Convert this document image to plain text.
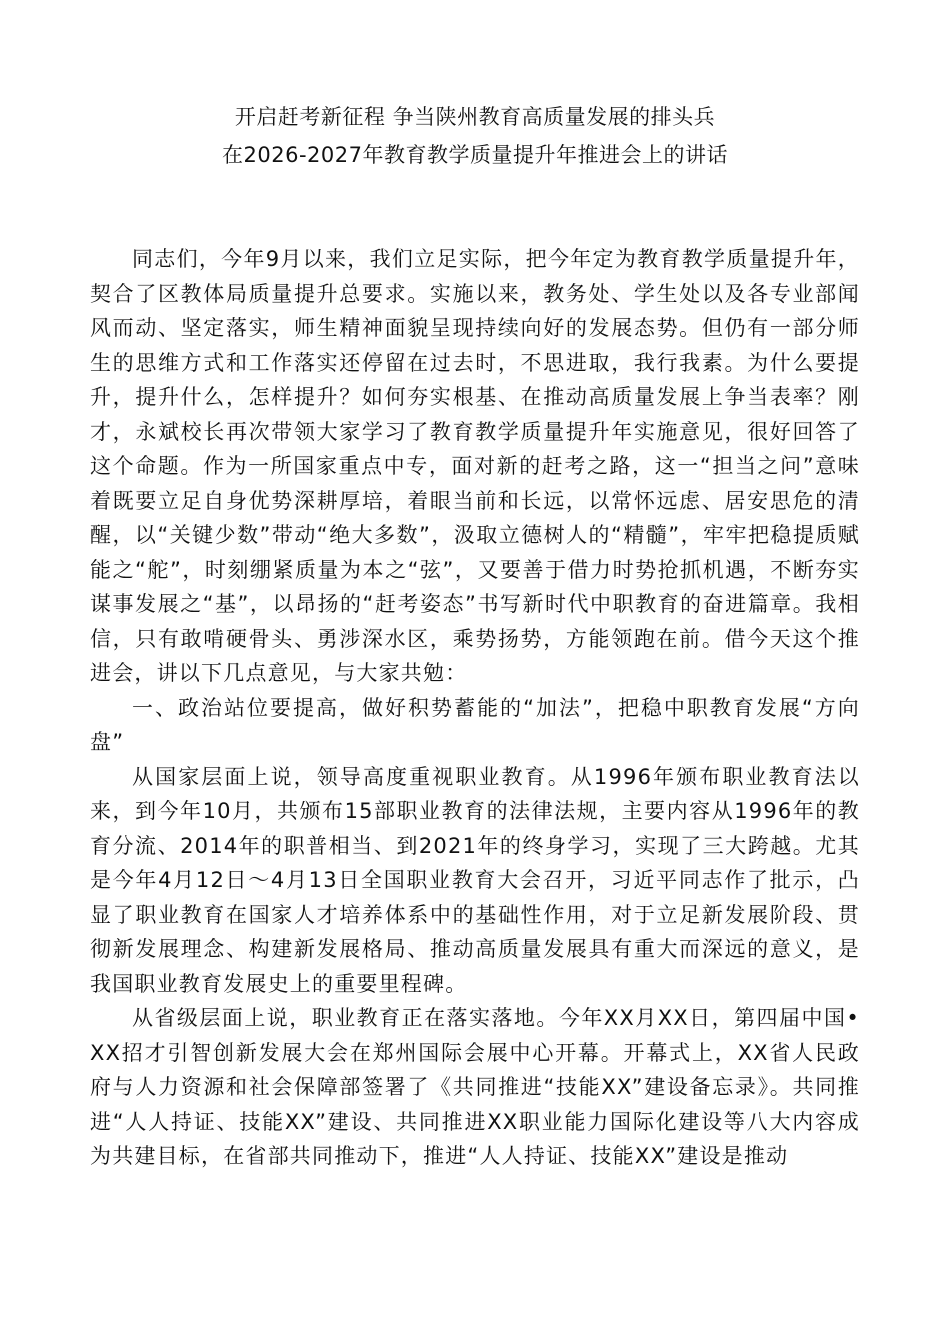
开启赶考新征程 争当陕州教育高质量发展的排头兵
在2026-2027年教育教学质量提升年推进会上的讲话

同志们，今年9月以来，我们立足实际，把今年定为教育教学质量提升年，契合了区教体局质量提升总要求。实施以来，教务处、学生处以及各专业部闻风而动、坚定落实，师生精神面貌呈现持续向好的发展态势。但仍有一部分师生的思维方式和工作落实还停留在过去时，不思进取，我行我素。为什么要提升，提升什么，怎样提升？如何夯实根基、在推动高质量发展上争当表率？刚才，永斌校长再次带领大家学习了教育教学质量提升年实施意见，很好回答了这个命题。作为一所国家重点中专，面对新的赶考之路，这一“担当之问”意味着既要立足自身优势深耕厚培，着眼当前和长远，以常怀远虑、居安思危的清醒，以“关键少数”带动“绝大多数”，汲取立德树人的“精髓”，牢牢把稳提质赋能之“舵”，时刻绷紧质量为本之“弦”，又要善于借力时势抢抓机遇，不断夯实谋事发展之“基”，以昂扬的“赶考姿态”书写新时代中职教育的奋进篇章。我相信，只有敢啃硬骨头、勇涉深水区，乘势扬势，方能领跑在前。借今天这个推进会，讲以下几点意见，与大家共勉：

一、政治站位要提高，做好积势蓄能的“加法”，把稳中职教育发展“方向盘”

从国家层面上说，领导高度重视职业教育。从1996年颁布职业教育法以来，到今年10月，共颁布15部职业教育的法律法规，主要内容从1996年的教育分流、2014年的职普相当、到2021年的终身学习，实现了三大跨越。尤其是今年4月12日～4月13日全国职业教育大会召开，习近平同志作了批示，凸显了职业教育在国家人才培养体系中的基础性作用，对于立足新发展阶段、贯彻新发展理念、构建新发展格局、推动高质量发展具有重大而深远的意义，是我国职业教育发展史上的重要里程碑。

从省级层面上说，职业教育正在落实落地。今年XX月XX日，第四届中国•XX招才引智创新发展大会在郑州国际会展中心开幕。开幕式上，XX省人民政府与人力资源和社会保障部签署了《共同推进“技能XX”建设备忘录》。共同推进“人人持证、技能XX”建设、共同推进XX职业能力国际化建设等八大内容成为共建目标，在省部共同推动下，推进“人人持证、技能XX”建设是推动
